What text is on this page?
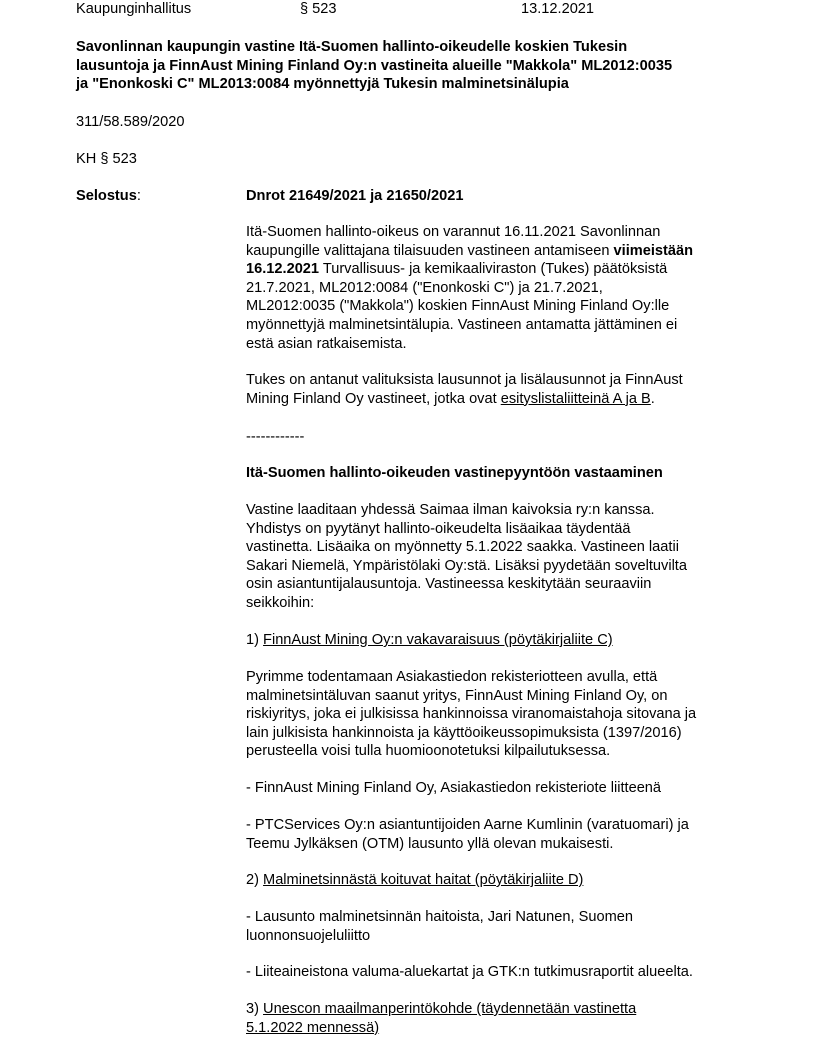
Kaupunginhallitus	§ 523	13.12.2021
Savonlinnan kaupungin vastine Itä-Suomen hallinto-oikeudelle koskien Tukesin
lausuntoja ja FinnAust Mining Finland Oy:n vastineita alueille "Makkola" ML2012:0035
ja "Enonkoski C" ML2013:0084 myönnettyjä Tukesin malminetsinälupia
311/58.589/2020
KH § 523
Selostus:	Dnrot 21649/2021 ja 21650/2021
Itä-Suomen hallinto-oikeus on varannut 16.11.2021 Savonlinnan
kaupungille valittajana tilaisuuden vastineen antamiseen viimeistään
16.12.2021 Turvallisuus- ja kemikaaliviraston (Tukes) päätöksistä
21.7.2021, ML2012:0084 ("Enonkoski C") ja 21.7.2021,
ML2012:0035 ("Makkola") koskien FinnAust Mining Finland Oy:lle
myönnettyjä malminetsintälupia. Vastineen antamatta jättäminen ei
estä asian ratkaisemista.
Tukes on antanut valituksista lausunnot ja lisälausunnot ja FinnAust
Mining Finland Oy vastineet, jotka ovat esityslistaliitteinä A ja B.
------------
Itä-Suomen hallinto-oikeuden vastinepyyntöön vastaaminen
Vastine laaditaan yhdessä Saimaa ilman kaivoksia ry:n kanssa.
Yhdistys on pyytänyt hallinto-oikeudelta lisäaikaa täydentää
vastinetta. Lisäaika on myönnetty 5.1.2022 saakka. Vastineen laatii
Sakari Niemelä, Ympäristölaki Oy:stä. Lisäksi pyydetään soveltuvilta
osin asiantuntijalausuntoja. Vastineessa keskitytään seuraaviin
seikkoihin:
1) FinnAust Mining Oy:n vakavaraisuus (pöytäkirjaliite C)
Pyrimme todentamaan Asiakastiedon rekisteriotteen avulla, että
malminetsintäluvan saanut yritys, FinnAust Mining Finland Oy, on
riskiyritys, joka ei julkisissa hankinnoissa viranomaistahoja sitovana ja
lain julkisista hankinnoista ja käyttöoikeussopimuksista (1397/2016)
perusteella voisi tulla huomioonotetuksi kilpailutuksessa.
- FinnAust Mining Finland Oy, Asiakastiedon rekisteriote liitteenä
- PTCServices Oy:n asiantuntijoiden Aarne Kumlinin (varatuomari) ja
Teemu Jylkäksen (OTM) lausunto yllä olevan mukaisesti.
2) Malminetsinnästä koituvat haitat (pöytäkirjaliite D)
- Lausunto malminetsinnän haitoista, Jari Natunen, Suomen
luonnonsuojeluliitto
- Liiteaineistona valuma-aluekartat ja GTK:n tutkimusraportit alueelta.
3) Unescon maailmanperintökohde (täydennetään vastinetta
5.1.2022 mennessä)
